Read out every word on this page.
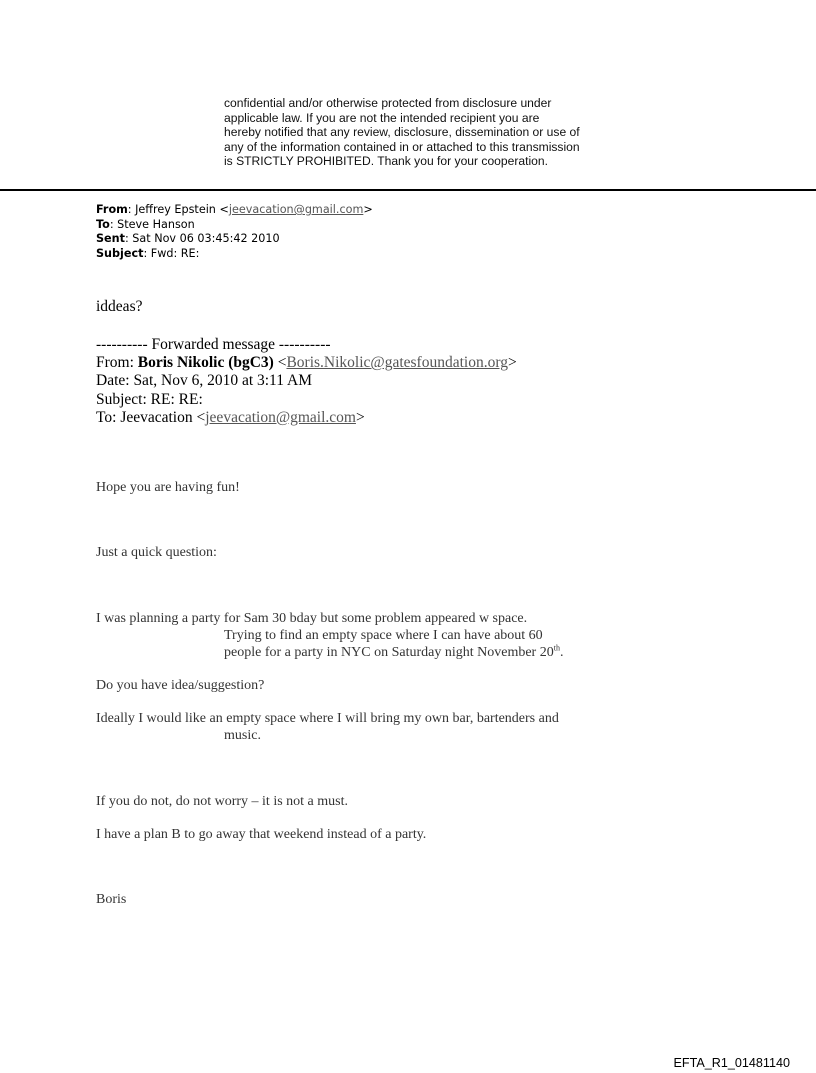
confidential and/or otherwise protected from disclosure under
applicable law. If you are not the intended recipient you are
hereby notified that any review, disclosure, dissemination or use of
any of the information contained in or attached to this transmission
is STRICTLY PROHIBITED. Thank you for your cooperation.
From: Jeffrey Epstein <jeevacation@gmail.com>
To: Steve Hanson
Sent: Sat Nov 06 03:45:42 2010
Subject: Fwd: RE:
iddeas?
---------- Forwarded message ----------
From: Boris Nikolic (bgC3) <Boris.Nikolic@gatesfoundation.org>
Date: Sat, Nov 6, 2010 at 3:11 AM
Subject: RE: RE:
To: Jeevacation <jeevacation@gmail.com>
Hope you are having fun!
Just a quick question:
I was planning a party for Sam 30 bday but some problem appeared w space.
Trying to find an empty space where I can have about 60
people for a party in NYC on Saturday night November 20th.
Do you have idea/suggestion?
Ideally I would like an empty space where I will bring my own bar, bartenders and
music.
If you do not, do not worry – it is not a must.
I have a plan B to go away that weekend instead of a party.
Boris
EFTA_R1_01481140
